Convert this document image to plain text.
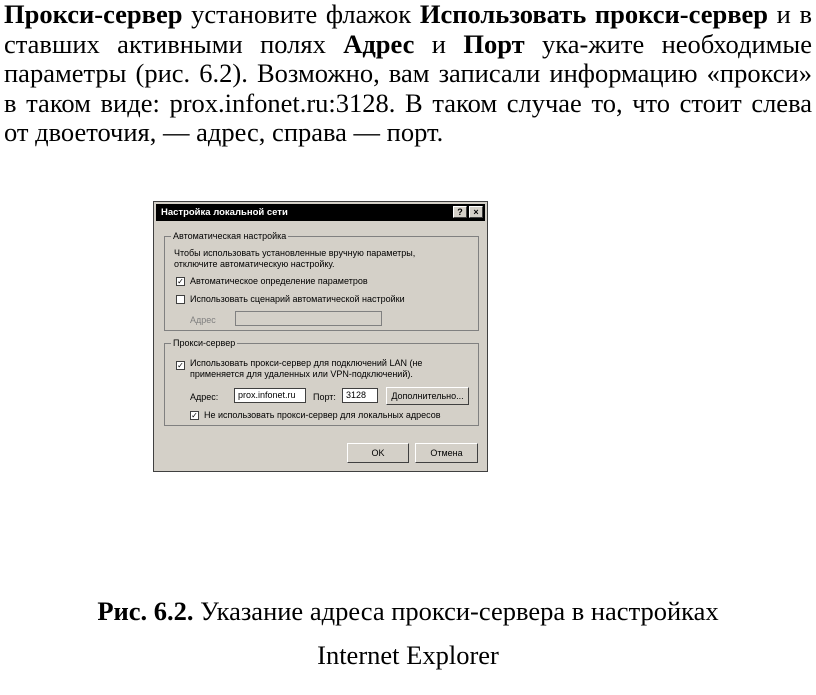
Прокси-сервер установите флажок Использовать прокси-сервер и в ставших активными полях Адрес и Порт ука-жите необходимые параметры (рис. 6.2). Возможно, вам записали информацию «прокси» в таком виде: prox.infonet.ru:3128. В таком случае то, что стоит слева от двоеточия, — адрес, справа — порт.

Настройка локальной сети	?	×
Автоматическая настройка
Чтобы использовать установленные вручную параметры,
отключите автоматическую настройку.
✓ Автоматическое определение параметров
Использовать сценарий автоматической настройки
Адрес
Прокси-сервер
✓ Использовать прокси-сервер для подключений LAN (не
применяется для удаленных или VPN-подключений).
Адрес:	prox.infonet.ru	Порт:	3128	Дополнительно...
✓ Не использовать прокси-сервер для локальных адресов
OK	Отмена

Рис. 6.2. Указание адреса прокси-сервера в настройках

Internet Explorer
